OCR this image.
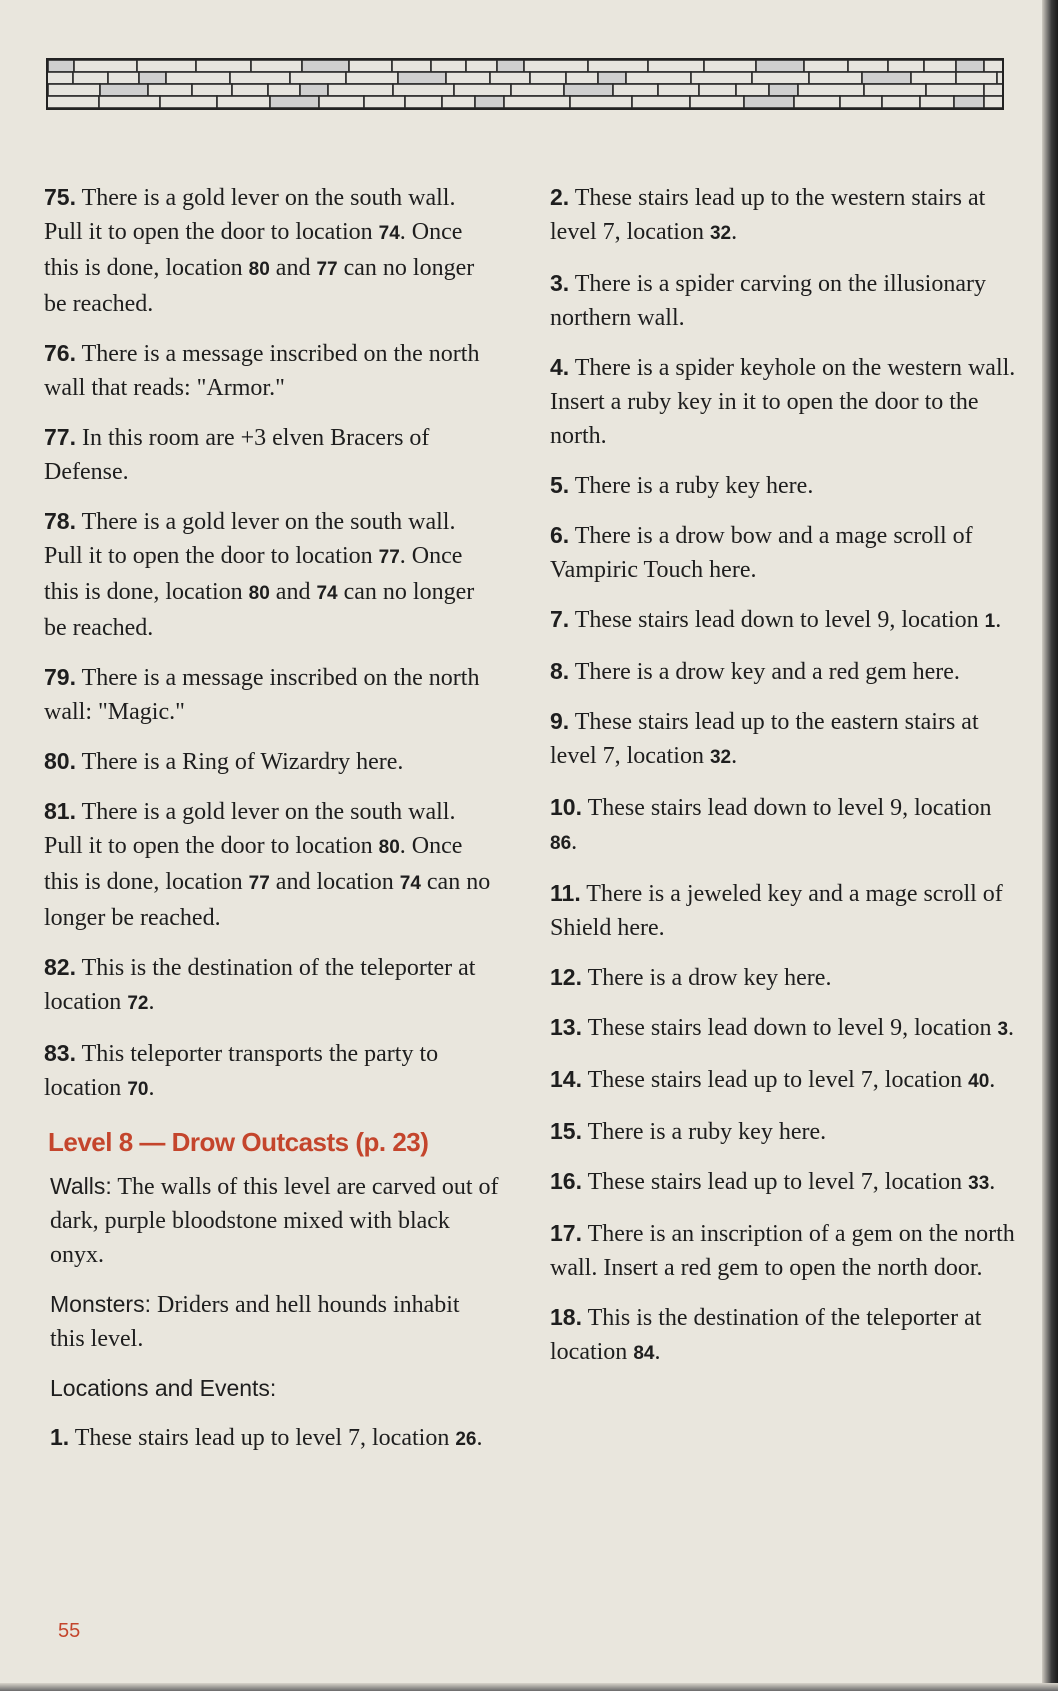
75. There is a gold lever on the south wall. Pull it to open the door to location 74. Once this is done, location 80 and 77 can no longer be reached.
76. There is a message inscribed on the north wall that reads: "Armor."
77. In this room are +3 elven Bracers of Defense.
78. There is a gold lever on the south wall. Pull it to open the door to location 77. Once this is done, location 80 and 74 can no longer be reached.
79. There is a message inscribed on the north wall: "Magic."
80. There is a Ring of Wizardry here.
81. There is a gold lever on the south wall. Pull it to open the door to location 80. Once this is done, location 77 and location 74 can no longer be reached.
82. This is the destination of the teleporter at location 72.
83. This teleporter transports the party to location 70.
Level 8 — Drow Outcasts (p. 23)
Walls: The walls of this level are carved out of dark, purple bloodstone mixed with black onyx.
Monsters: Driders and hell hounds inhabit this level.
Locations and Events:
1. These stairs lead up to level 7, location 26.
2. These stairs lead up to the western stairs at level 7, location 32.
3. There is a spider carving on the illusionary northern wall.
4. There is a spider keyhole on the western wall. Insert a ruby key in it to open the door to the north.
5. There is a ruby key here.
6. There is a drow bow and a mage scroll of Vampiric Touch here.
7. These stairs lead down to level 9, location 1.
8. There is a drow key and a red gem here.
9. These stairs lead up to the eastern stairs at level 7, location 32.
10. These stairs lead down to level 9, location 86.
11. There is a jeweled key and a mage scroll of Shield here.
12. There is a drow key here.
13. These stairs lead down to level 9, location 3.
14. These stairs lead up to level 7, location 40.
15. There is a ruby key here.
16. These stairs lead up to level 7, location 33.
17. There is an inscription of a gem on the north wall. Insert a red gem to open the north door.
18. This is the destination of the teleporter at location 84.
55
